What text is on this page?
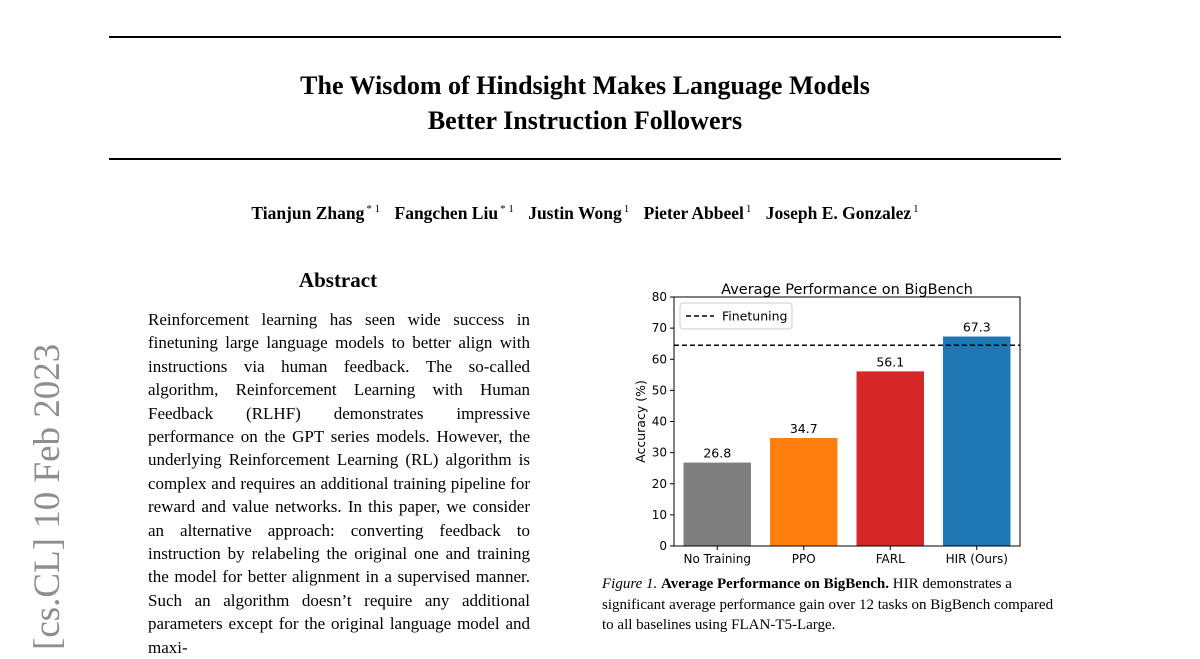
The Wisdom of Hindsight Makes Language Models
Better Instruction Followers
Tianjun Zhang $^{* 1}$ Fangchen Liu $^{* 1}$ Justin Wong $^1$ Pieter Abbeel $^1$ Joseph E. Gonzalez $^1$
[cs.CL] 10 Feb 2023
Abstract
Reinforcement learning has seen wide success in finetuning large language models to better align with instructions via human feedback. The so-called algorithm, Reinforcement Learning with Human Feedback (RLHF) demonstrates impressive performance on the GPT series models. However, the underlying Reinforcement Learning (RL) algorithm is complex and requires an additional training pipeline for reward and value networks. In this paper, we consider an alternative approach: converting feedback to instruction by relabeling the original one and training the model for better alignment in a supervised manner. Such an algorithm doesn’t require any additional parameters except for the original language model and maxi-
Average Performance on BigBench
26.8
No Training
34.7
PPO
56.1
FARL
67.3
HIR (Ours)
0
10
20
30
40
50
60
70
80
Accuracy (%)
Finetuning
Figure 1. Average Performance on BigBench. HIR demonstrates a significant average performance gain over 12 tasks on BigBench compared to all baselines using FLAN-T5-Large.
